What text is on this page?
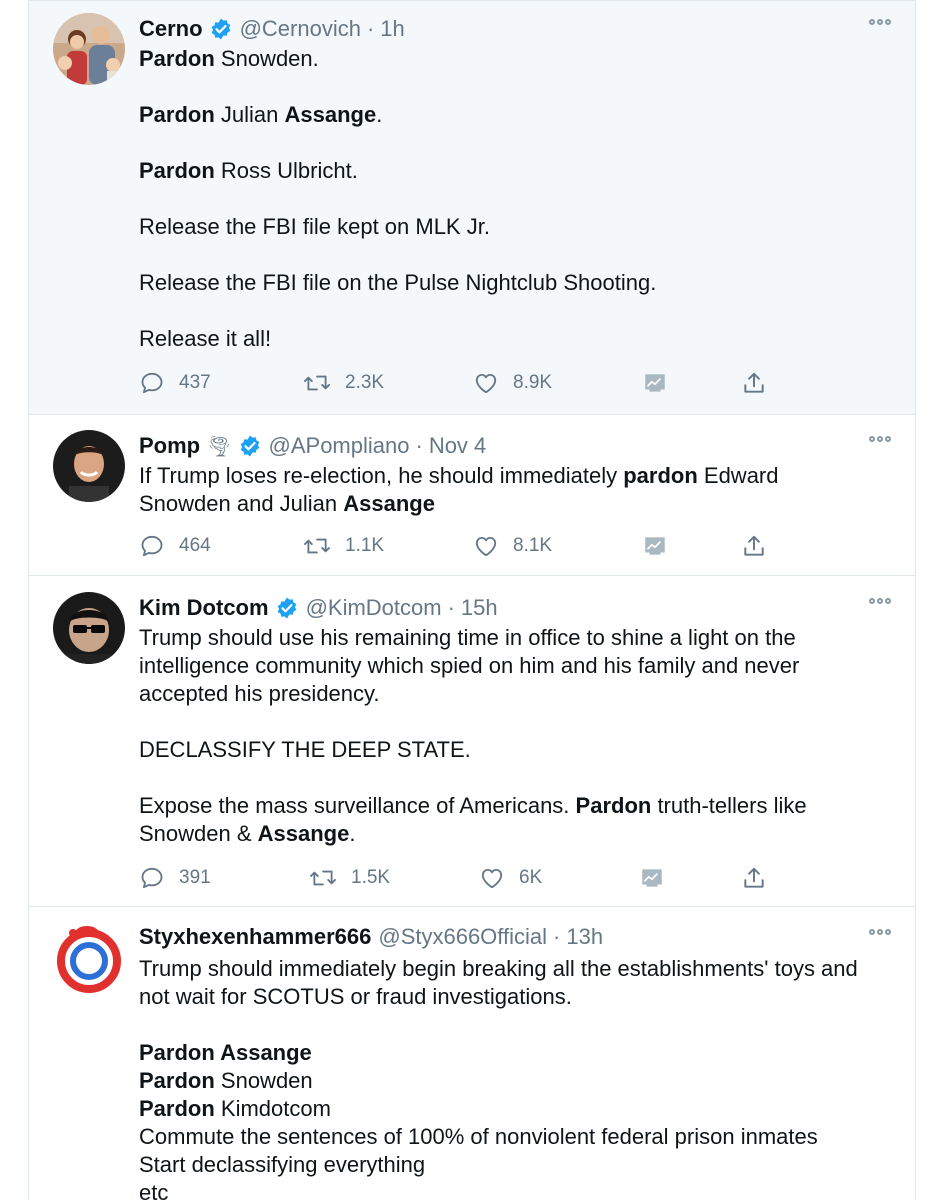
Cerno @Cernovich · 1h
Pardon Snowden.
Pardon Julian Assange.
Pardon Ross Ulbricht.
Release the FBI file kept on MLK Jr.
Release the FBI file on the Pulse Nightclub Shooting.
Release it all!
437	2.3K	8.9K
Pomp 🌪 @APompliano · Nov 4
If Trump loses re-election, he should immediately pardon Edward
Snowden and Julian Assange
464	1.1K	8.1K
Kim Dotcom @KimDotcom · 15h
Trump should use his remaining time in office to shine a light on the
intelligence community which spied on him and his family and never
accepted his presidency.
DECLASSIFY THE DEEP STATE.
Expose the mass surveillance of Americans. Pardon truth-tellers like
Snowden & Assange.
391	1.5K	6K
Styxhexenhammer666 @Styx666Official · 13h
Trump should immediately begin breaking all the establishments' toys and
not wait for SCOTUS or fraud investigations.
Pardon Assange
Pardon Snowden
Pardon Kimdotcom
Commute the sentences of 100% of nonviolent federal prison inmates
Start declassifying everything
etc
